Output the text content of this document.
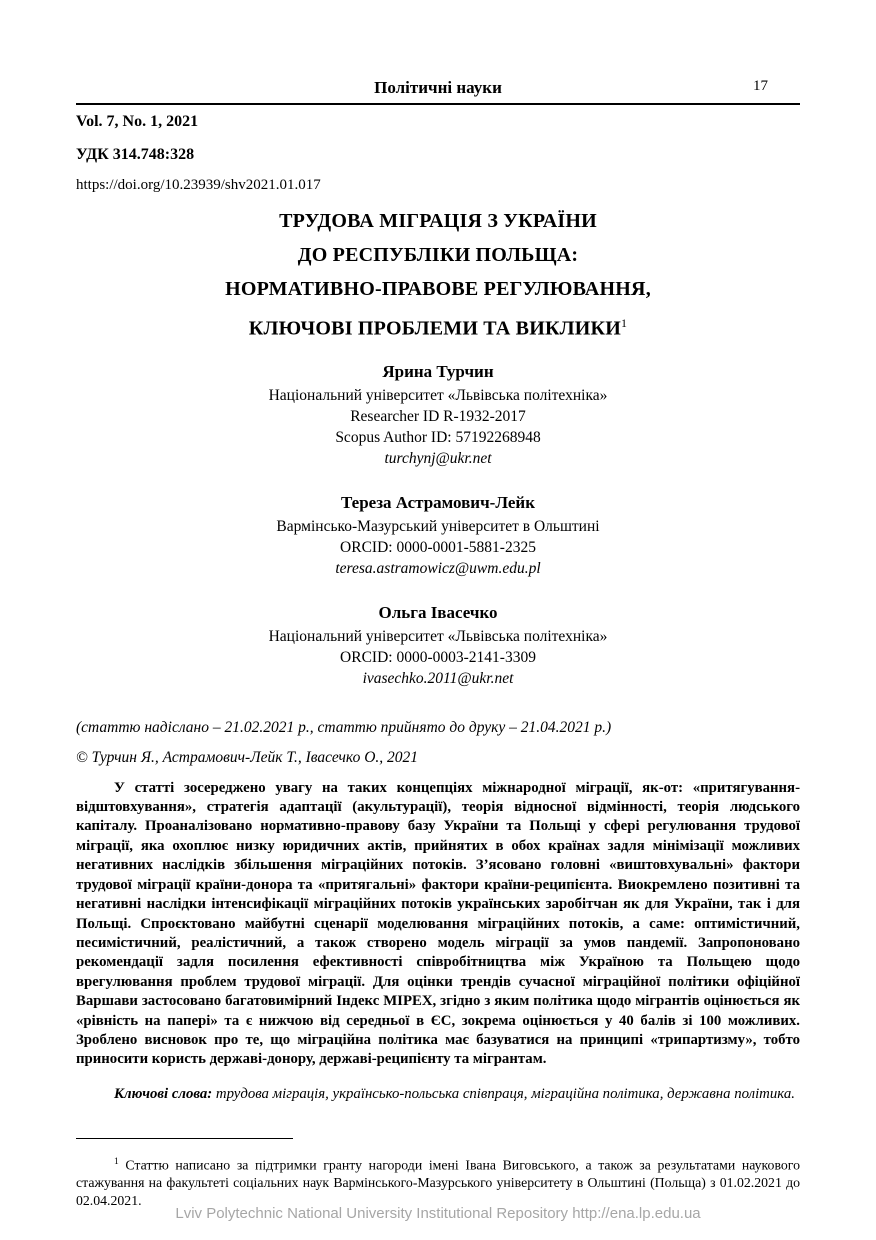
Політичні науки	17
Vol. 7, No. 1, 2021
УДК 314.748:328
https://doi.org/10.23939/shv2021.01.017
ТРУДОВА МІГРАЦІЯ З УКРАЇНИ
ДО РЕСПУБЛІКИ ПОЛЬЩА:
НОРМАТИВНО-ПРАВОВЕ РЕГУЛЮВАННЯ,
КЛЮЧОВІ ПРОБЛЕМИ ТА ВИКЛИКИ$^1$
Ярина Турчин
Національний університет «Львівська політехніка»
Researcher ID R-1932-2017
Scopus Author ID: 57192268948
turchynj@ukr.net
Тереза Астрамович-Лейк
Вармінсько-Мазурський університет в Ольштині
ORCID: 0000-0001-5881-2325
teresa.astramowicz@uwm.edu.pl
Ольга Івасечко
Національний університет «Львівська політехніка»
ORCID: 0000-0003-2141-3309
ivasechko.2011@ukr.net
(статтю надіслано – 21.02.2021 р., статтю прийнято до друку – 21.04.2021 р.)
© Турчин Я., Астрамович-Лейк Т., Івасечко О., 2021

У статті зосереджено увагу на таких концепціях міжнародної міграції, як-от: «притягування-відштовхування», стратегія адаптації (акультурації), теорія відносної відмінності, теорія людського капіталу. Проаналізовано нормативно-правову базу України та Польщі у сфері регулювання трудової міграції, яка охоплює низку юридичних актів, прийнятих в обох країнах задля мінімізації можливих негативних наслідків збільшення міграційних потоків. З’ясовано головні «виштовхувальні» фактори трудової міграції країни-донора та «притягальні» фактори країни-реципієнта. Виокремлено позитивні та негативні наслідки інтенсифікації міграційних потоків українських заробітчан як для України, так і для Польщі. Спроєктовано майбутні сценарії моделювання міграційних потоків, а саме: оптимістичний, песимістичний, реалістичний, а також створено модель міграції за умов пандемії. Запропоновано рекомендації задля посилення ефективності співробітництва між Україною та Польщею щодо врегулювання проблем трудової міграції. Для оцінки трендів сучасної міграційної політики офіційної Варшави застосовано багатовимірний Індекс MIPEX, згідно з яким політика щодо мігрантів оцінюється як «рівність на папері» та є нижчою від середньої в ЄС, зокрема оцінюється у 40 балів зі 100 можливих. Зроблено висновок про те, що міграційна політика має базуватися на принципі «трипартизму», тобто приносити користь державі-донору, державі-реципієнту та мігрантам.

Ключові слова: трудова міграція, українсько-польська співпраця, міграційна політика, державна політика.

$^1$ Статтю написано за підтримки гранту нагороди імені Івана Виговського, а також за результатами наукового стажування на факультеті соціальних наук Вармінського-Мазурського університету в Ольштині (Польща) з 01.02.2021 до 02.04.2021.

Lviv Polytechnic National University Institutional Repository http://ena.lp.edu.ua
